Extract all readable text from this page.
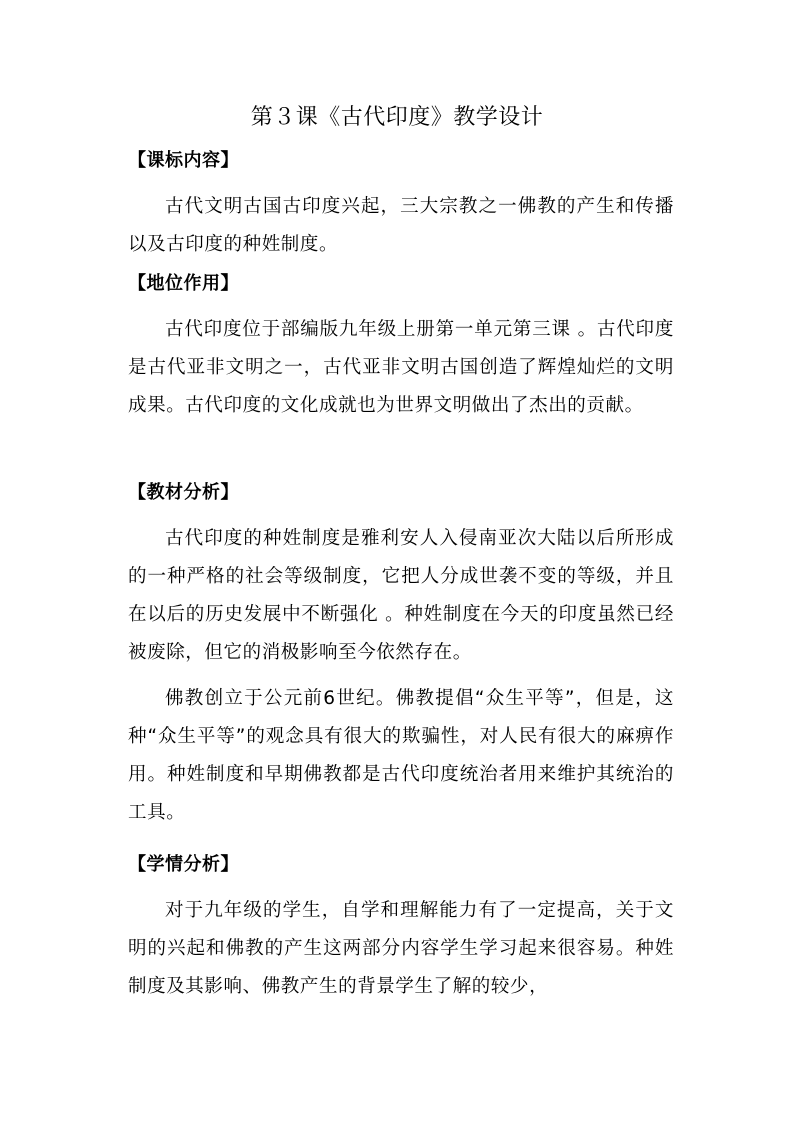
第３课《古代印度》教学设计

【课标内容】

古代文明古国古印度兴起，三大宗教之一佛教的产生和传播以及古印度的种姓制度。

【地位作用】

古代印度位于部编版九年级上册第一单元第三课 。古代印度是古代亚非文明之一，古代亚非文明古国创造了辉煌灿烂的文明成果。古代印度的文化成就也为世界文明做出了杰出的贡献。

【教材分析】

古代印度的种姓制度是雅利安人入侵南亚次大陆以后所形成的一种严格的社会等级制度，它把人分成世袭不变的等级，并且在以后的历史发展中不断强化 。种姓制度在今天的印度虽然已经被废除，但它的消极影响至今依然存在。

佛教创立于公元前6世纪。佛教提倡“众生平等”，但是，这种“众生平等”的观念具有很大的欺骗性，对人民有很大的麻痹作用。种姓制度和早期佛教都是古代印度统治者用来维护其统治的工具。

【学情分析】

对于九年级的学生，自学和理解能力有了一定提高，关于文明的兴起和佛教的产生这两部分内容学生学习起来很容易。种姓制度及其影响、佛教产生的背景学生了解的较少，
